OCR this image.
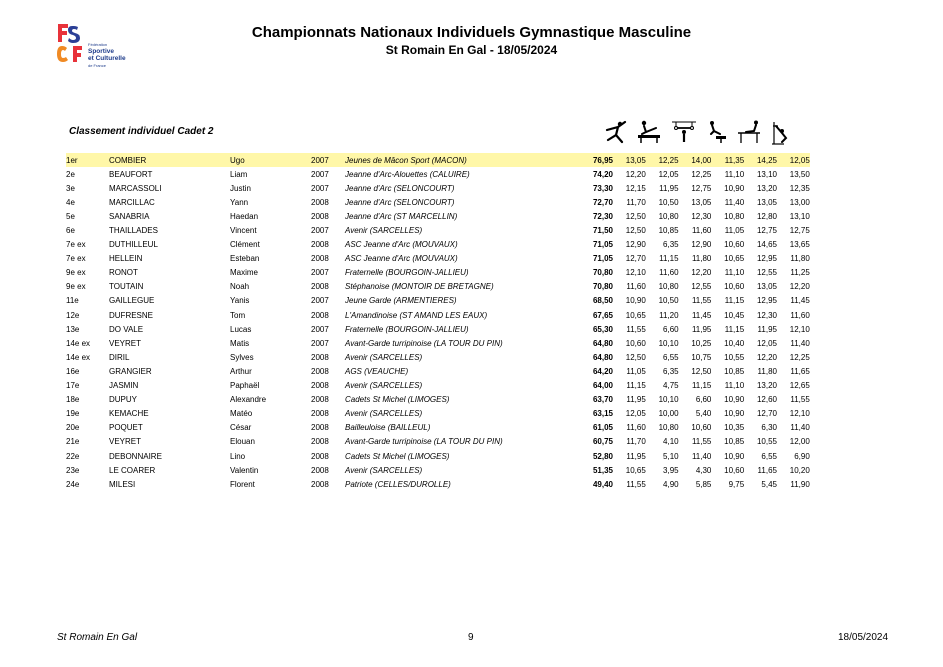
Fédération
Sportive
et Culturelle
de France
Championnats Nationaux Individuels Gymnastique Masculine
St Romain En Gal - 18/05/2024
Classement individuel Cadet 2
1er	COMBIER	Ugo	2007	Jeunes de Mâcon Sport (MACON)	76,95	13,05	12,25	14,00	11,35	14,25	12,05
2e	BEAUFORT	Liam	2007	Jeanne d'Arc-Alouettes (CALUIRE)	74,20	12,20	12,05	12,25	11,10	13,10	13,50
3e	MARCASSOLI	Justin	2007	Jeanne d'Arc (SELONCOURT)	73,30	12,15	11,95	12,75	10,90	13,20	12,35
4e	MARCILLAC	Yann	2008	Jeanne d'Arc (SELONCOURT)	72,70	11,70	10,50	13,05	11,40	13,05	13,00
5e	SANABRIA	Haedan	2008	Jeanne d'Arc (ST MARCELLIN)	72,30	12,50	10,80	12,30	10,80	12,80	13,10
6e	THAILLADES	Vincent	2007	Avenir (SARCELLES)	71,50	12,50	10,85	11,60	11,05	12,75	12,75
7e ex	DUTHILLEUL	Clément	2008	ASC Jeanne d'Arc (MOUVAUX)	71,05	12,90	6,35	12,90	10,60	14,65	13,65
7e ex	HELLEIN	Esteban	2008	ASC Jeanne d'Arc (MOUVAUX)	71,05	12,70	11,15	11,80	10,65	12,95	11,80
9e ex	RONOT	Maxime	2007	Fraternelle (BOURGOIN-JALLIEU)	70,80	12,10	11,60	12,20	11,10	12,55	11,25
9e ex	TOUTAIN	Noah	2008	Stéphanoise (MONTOIR DE BRETAGNE)	70,80	11,60	10,80	12,55	10,60	13,05	12,20
11e	GAILLEGUE	Yanis	2007	Jeune Garde (ARMENTIERES)	68,50	10,90	10,50	11,55	11,15	12,95	11,45
12e	DUFRESNE	Tom	2008	L'Amandinoise (ST AMAND LES EAUX)	67,65	10,65	11,20	11,45	10,45	12,30	11,60
13e	DO VALE	Lucas	2007	Fraternelle (BOURGOIN-JALLIEU)	65,30	11,55	6,60	11,95	11,15	11,95	12,10
14e ex	VEYRET	Matis	2007	Avant-Garde turripinoise (LA TOUR DU PIN)	64,80	10,60	10,10	10,25	10,40	12,05	11,40
14e ex	DIRIL	Sylves	2008	Avenir (SARCELLES)	64,80	12,50	6,55	10,75	10,55	12,20	12,25
16e	GRANGIER	Arthur	2008	AGS (VEAUCHE)	64,20	11,05	6,35	12,50	10,85	11,80	11,65
17e	JASMIN	Paphaël	2008	Avenir (SARCELLES)	64,00	11,15	4,75	11,15	11,10	13,20	12,65
18e	DUPUY	Alexandre	2008	Cadets St Michel (LIMOGES)	63,70	11,95	10,10	6,60	10,90	12,60	11,55
19e	KEMACHE	Matéo	2008	Avenir (SARCELLES)	63,15	12,05	10,00	5,40	10,90	12,70	12,10
20e	POQUET	César	2008	Bailleuloise (BAILLEUL)	61,05	11,60	10,80	10,60	10,35	6,30	11,40
21e	VEYRET	Elouan	2008	Avant-Garde turripinoise (LA TOUR DU PIN)	60,75	11,70	4,10	11,55	10,85	10,55	12,00
22e	DEBONNAIRE	Lino	2008	Cadets St Michel (LIMOGES)	52,80	11,95	5,10	11,40	10,90	6,55	6,90
23e	LE COARER	Valentin	2008	Avenir (SARCELLES)	51,35	10,65	3,95	4,30	10,60	11,65	10,20
24e	MILESI	Florent	2008	Patriote (CELLES/DUROLLE)	49,40	11,55	4,90	5,85	9,75	5,45	11,90
St Romain En Gal	9	18/05/2024
